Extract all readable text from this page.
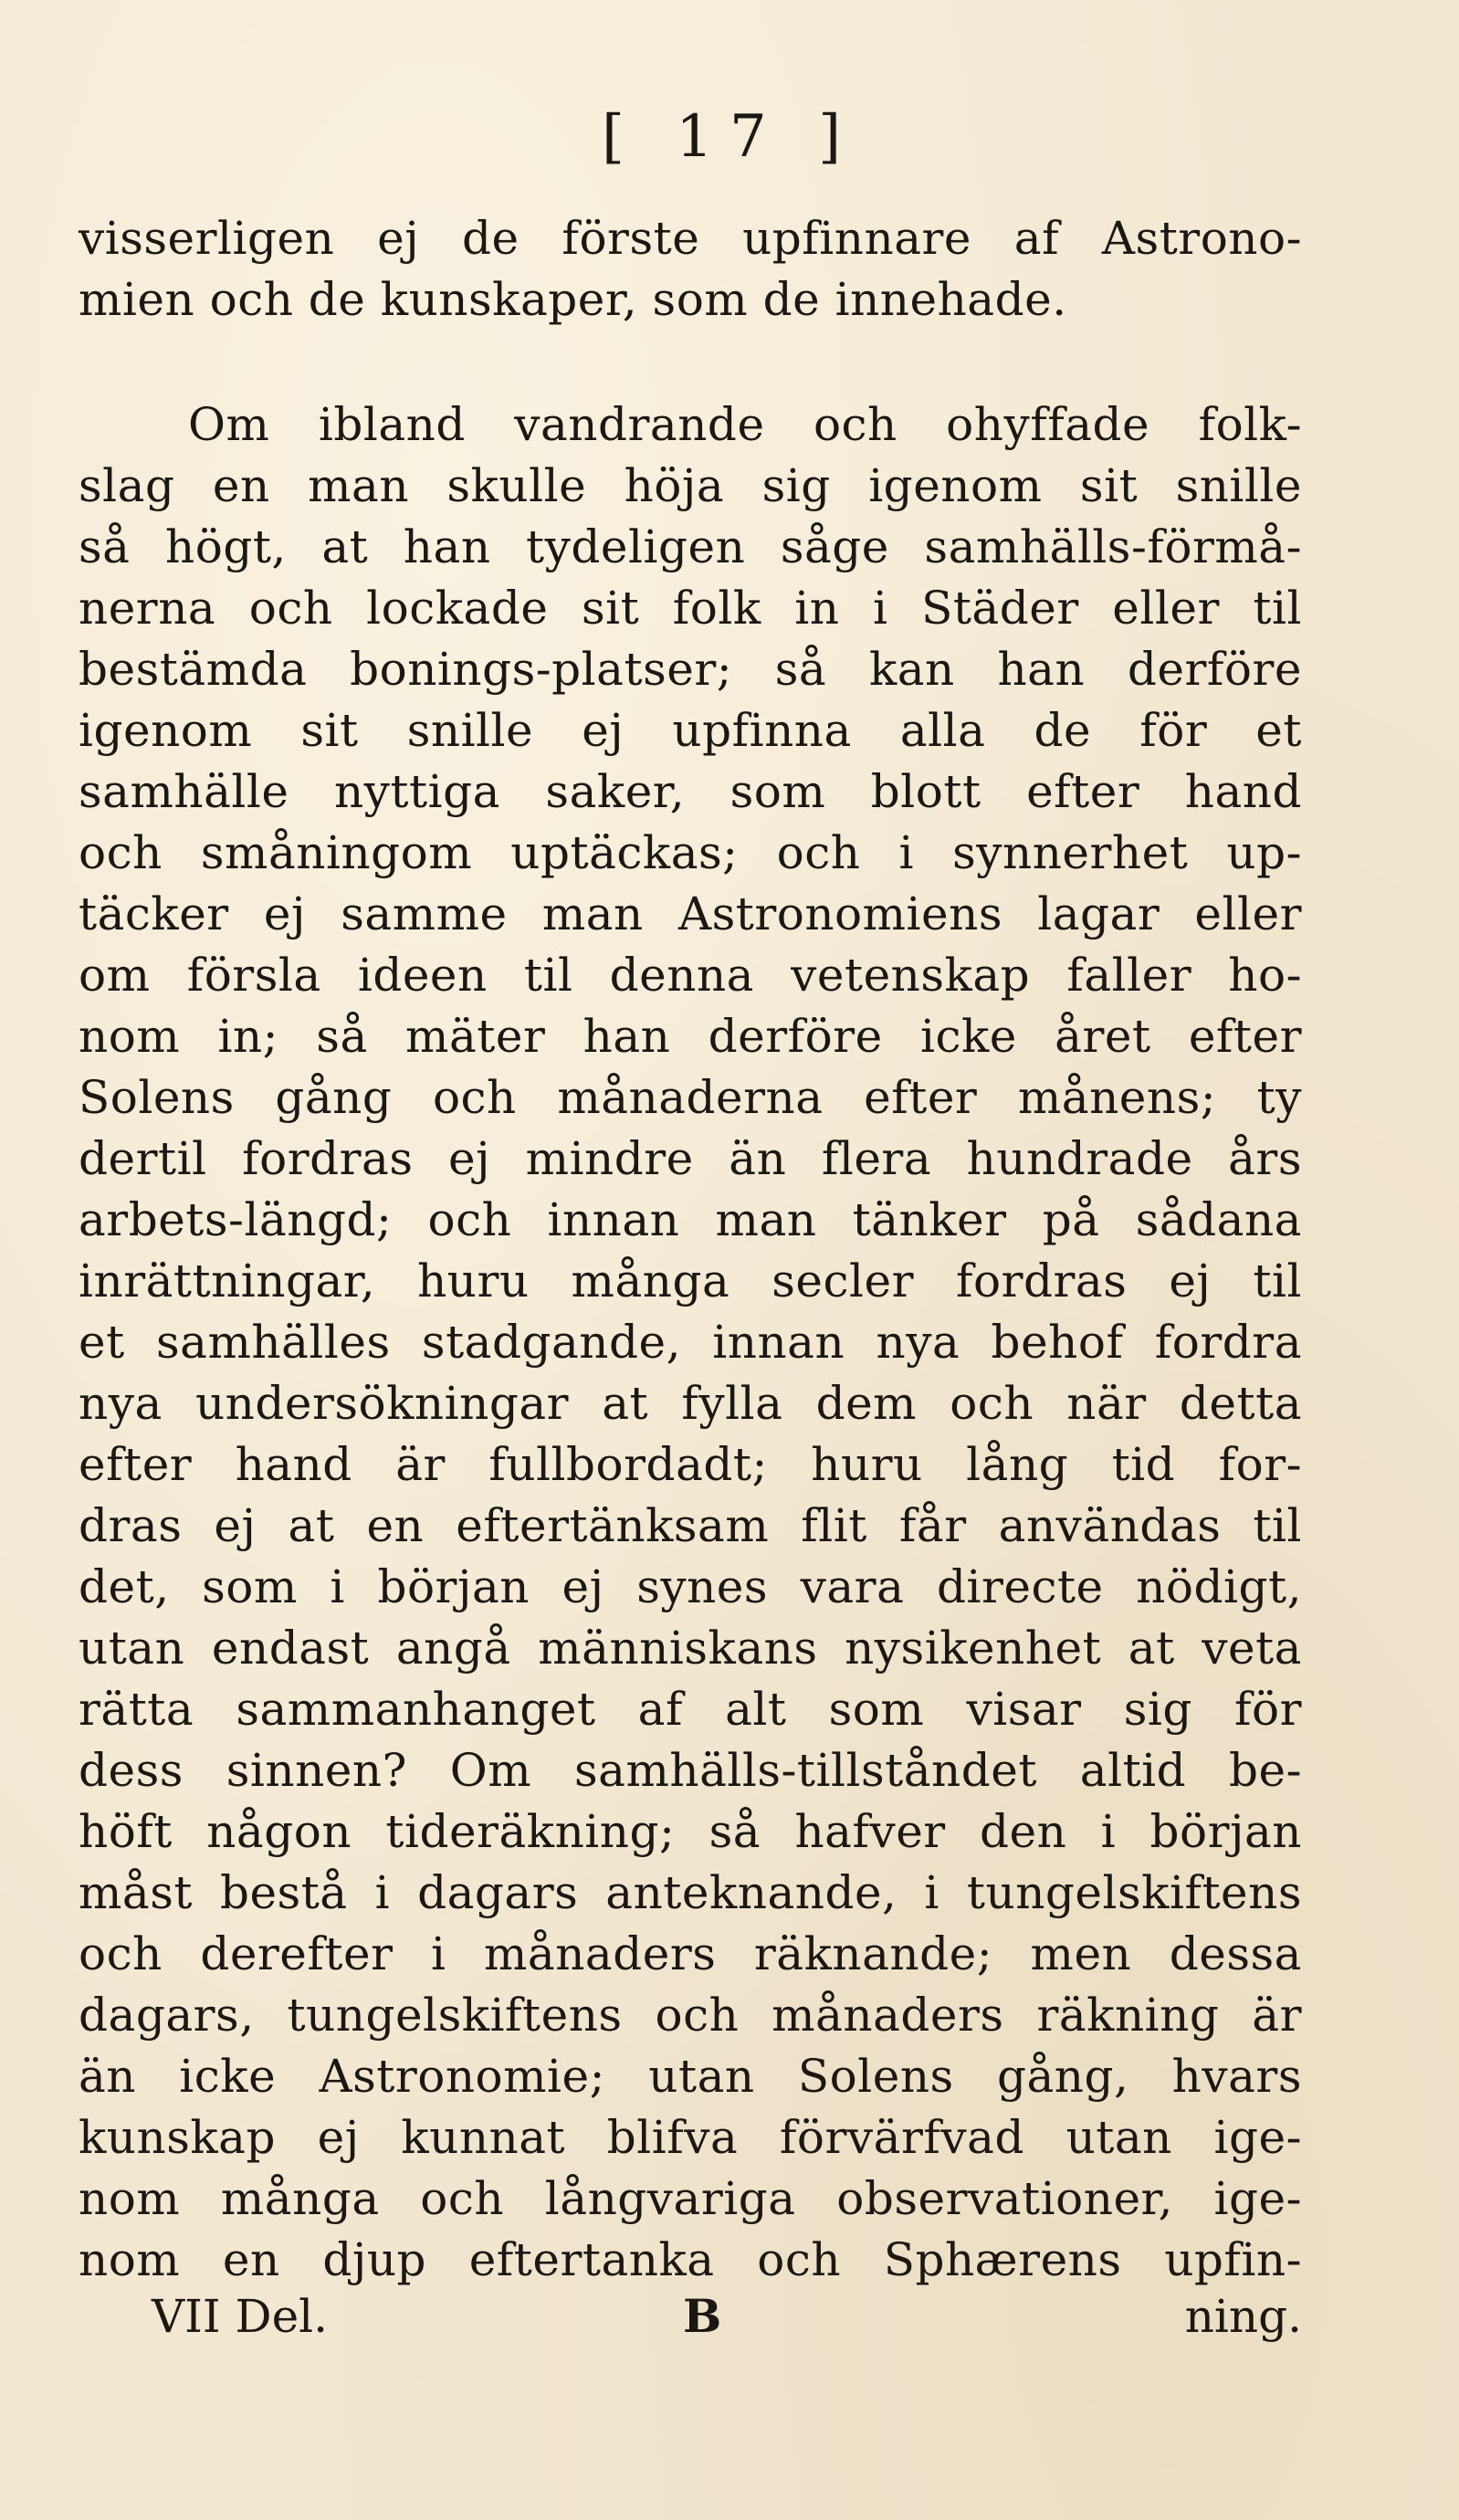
[ 17 ]
visserligen ej de förste upfinnare af Astrono-
mien och de kunskaper, som de innehade.
Om ibland vandrande och ohyffade folk-
slag en man skulle höja sig igenom sit snille
så högt, at han tydeligen såge samhälls-förmå-
nerna och lockade sit folk in i Städer eller til
bestämda bonings-platser; så kan han derföre
igenom sit snille ej upfinna alla de för et
samhälle nyttiga saker, som blott efter hand
och småningom uptäckas; och i synnerhet up-
täcker ej samme man Astronomiens lagar eller
om försla ideen til denna vetenskap faller ho-
nom in; så mäter han derföre icke året efter
Solens gång och månaderna efter månens; ty
dertil fordras ej mindre än flera hundrade års
arbets-längd; och innan man tänker på sådana
inrättningar, huru många secler fordras ej til
et samhälles stadgande, innan nya behof fordra
nya undersökningar at fylla dem och när detta
efter hand är fullbordadt; huru lång tid for-
dras ej at en eftertänksam flit får användas til
det, som i början ej synes vara directe nödigt,
utan endast angå människans nysikenhet at veta
rätta sammanhanget af alt som visar sig för
dess sinnen? Om samhälls-tillståndet altid be-
höft någon tideräkning; så hafver den i början
måst bestå i dagars anteknande, i tungelskiftens
och derefter i månaders räknande; men dessa
dagars, tungelskiftens och månaders räkning är
än icke Astronomie; utan Solens gång, hvars
kunskap ej kunnat blifva förvärfvad utan ige-
nom många och långvariga observationer, ige-
nom en djup eftertanka och Sphærens upfin-
VII Del.	B	ning.
